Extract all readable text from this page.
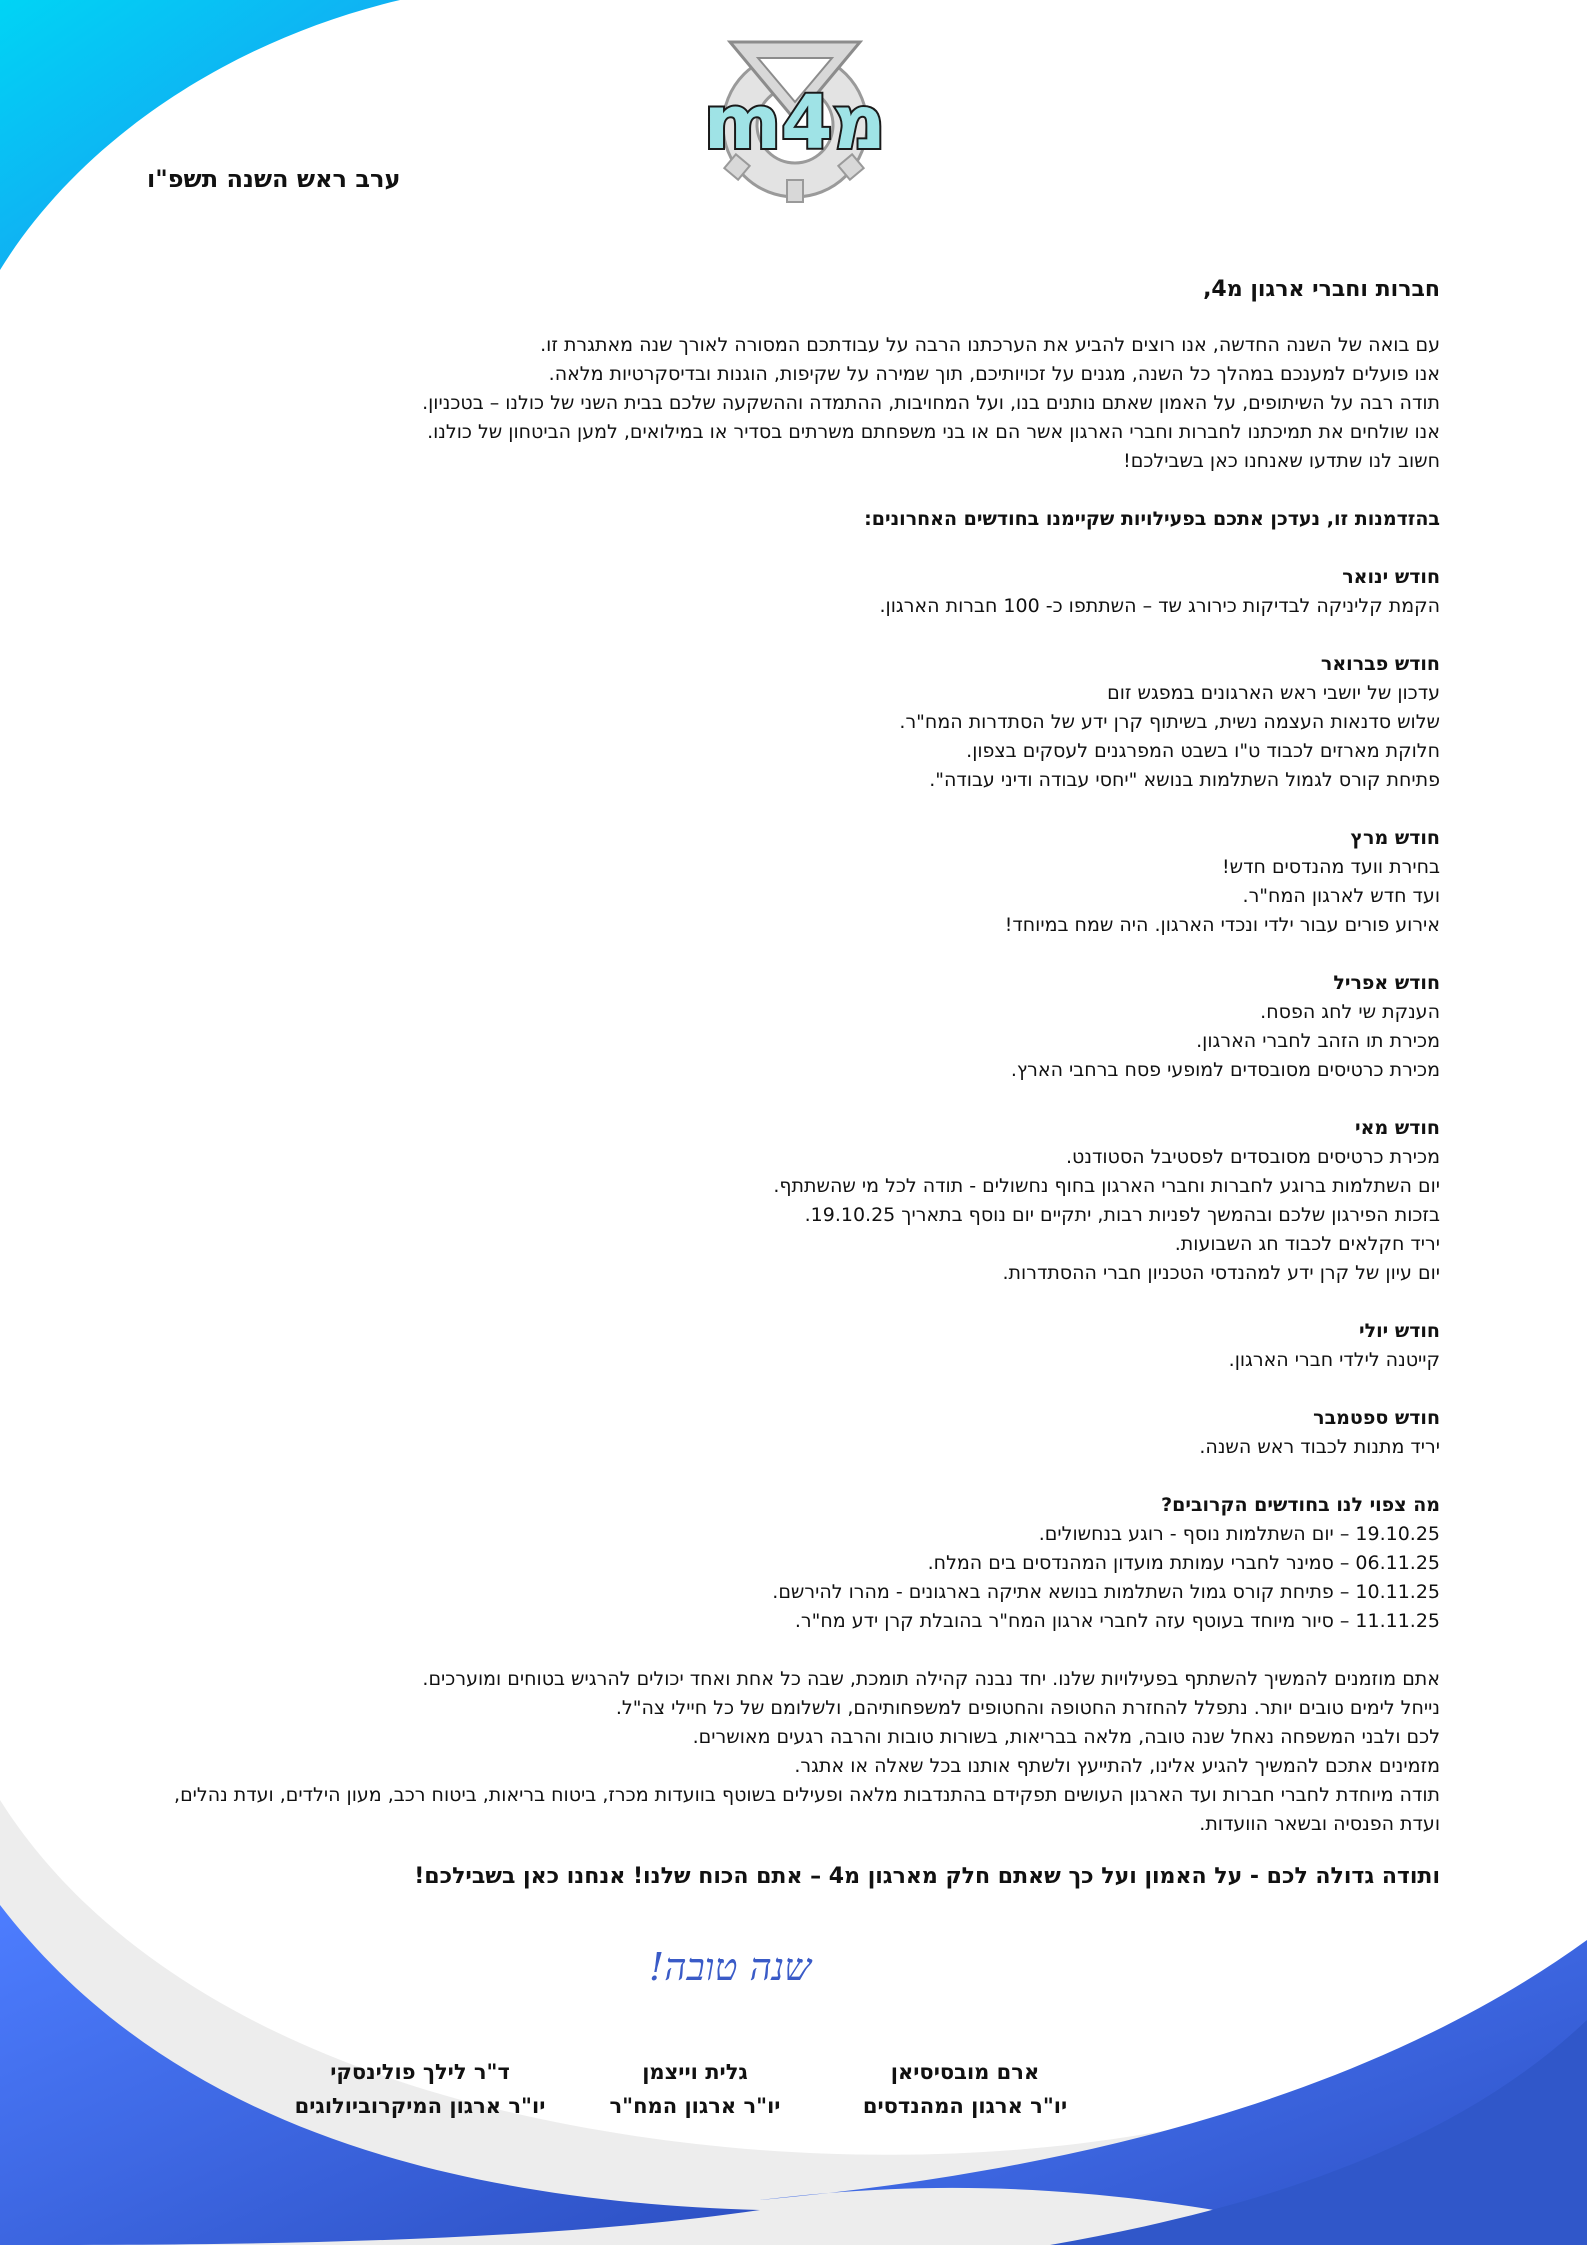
m4מ
ערב ראש השנה תשפ"ו
חברות וחברי ארגון מ4,
עם בואה של השנה החדשה, אנו רוצים להביע את הערכתנו הרבה על עבודתכם המסורה לאורך שנה מאתגרת זו.
אנו פועלים למענכם במהלך כל השנה, מגנים על זכויותיכם, תוך שמירה על שקיפות, הוגנות ובדיסקרטיות מלאה.
תודה רבה על השיתופים, על האמון שאתם נותנים בנו, ועל המחויבות, ההתמדה וההשקעה שלכם בבית השני של כולנו – בטכניון.
אנו שולחים את תמיכתנו לחברות וחברי הארגון אשר הם או בני משפחתם משרתים בסדיר או במילואים, למען הביטחון של כולנו.
חשוב לנו שתדעו שאנחנו כאן בשבילכם!
בהזדמנות זו, נעדכן אתכם בפעילויות שקיימנו בחודשים האחרונים:
חודש ינואר
הקמת קליניקה לבדיקות כירורג שד – השתתפו כ- 100 חברות הארגון.
חודש פברואר
עדכון של יושבי ראש הארגונים במפגש זום
שלוש סדנאות העצמה נשית, בשיתוף קרן ידע של הסתדרות המח"ר.
חלוקת מארזים לכבוד ט"ו בשבט המפרגנים לעסקים בצפון.
פתיחת קורס לגמול השתלמות בנושא "יחסי עבודה ודיני עבודה".
חודש מרץ
בחירת וועד מהנדסים חדש!
ועד חדש לארגון המח"ר.
אירוע פורים עבור ילדי ונכדי הארגון. היה שמח במיוחד!
חודש אפריל
הענקת שי לחג הפסח.
מכירת תו הזהב לחברי הארגון.
מכירת כרטיסים מסובסדים למופעי פסח ברחבי הארץ.
חודש מאי
מכירת כרטיסים מסובסדים לפסטיבל הסטודנט.
יום השתלמות ברוגע לחברות וחברי הארגון בחוף נחשולים - תודה לכל מי שהשתתף.
בזכות הפירגון שלכם ובהמשך לפניות רבות, יתקיים יום נוסף בתאריך 19.10.25.
יריד חקלאים לכבוד חג השבועות.
יום עיון של קרן ידע למהנדסי הטכניון חברי ההסתדרות.
חודש יולי
קייטנה לילדי חברי הארגון.
חודש ספטמבר
יריד מתנות לכבוד ראש השנה.
מה צפוי לנו בחודשים הקרובים?
19.10.25 – יום השתלמות נוסף - רוגע בנחשולים.
06.11.25 – סמינר לחברי עמותת מועדון המהנדסים בים המלח.
10.11.25 – פתיחת קורס גמול השתלמות בנושא אתיקה בארגונים - מהרו להירשם.
11.11.25 – סיור מיוחד בעוטף עזה לחברי ארגון המח"ר בהובלת קרן ידע מח"ר.
אתם מוזמנים להמשיך להשתתף בפעילויות שלנו. יחד נבנה קהילה תומכת, שבה כל אחת ואחד יכולים להרגיש בטוחים ומוערכים.
נייחל לימים טובים יותר. נתפלל להחזרת החטופה והחטופים למשפחותיהם, ולשלומם של כל חיילי צה"ל.
לכם ולבני המשפחה נאחל שנה טובה, מלאה בבריאות, בשורות טובות והרבה רגעים מאושרים.
מזמינים אתכם להמשיך להגיע אלינו, להתייעץ ולשתף אותנו בכל שאלה או אתגר.
תודה מיוחדת לחברי חברות ועד הארגון העושים תפקידם בהתנדבות מלאה ופעילים בשוטף בוועדות מכרז, ביטוח בריאות, ביטוח רכב, מעון הילדים, ועדת נהלים, ועדת הפנסיה ובשאר הוועדות.
ותודה גדולה לכם - על האמון ועל כך שאתם חלק מארגון מ4 – אתם הכוח שלנו! אנחנו כאן בשבילכם!
שנה טובה!
ארם מובסיסיאן
יו"ר ארגון המהנדסים
גלית וייצמן
יו"ר ארגון המח"ר
ד"ר לילך פולינסקי
יו"ר ארגון המיקרוביולוגים
